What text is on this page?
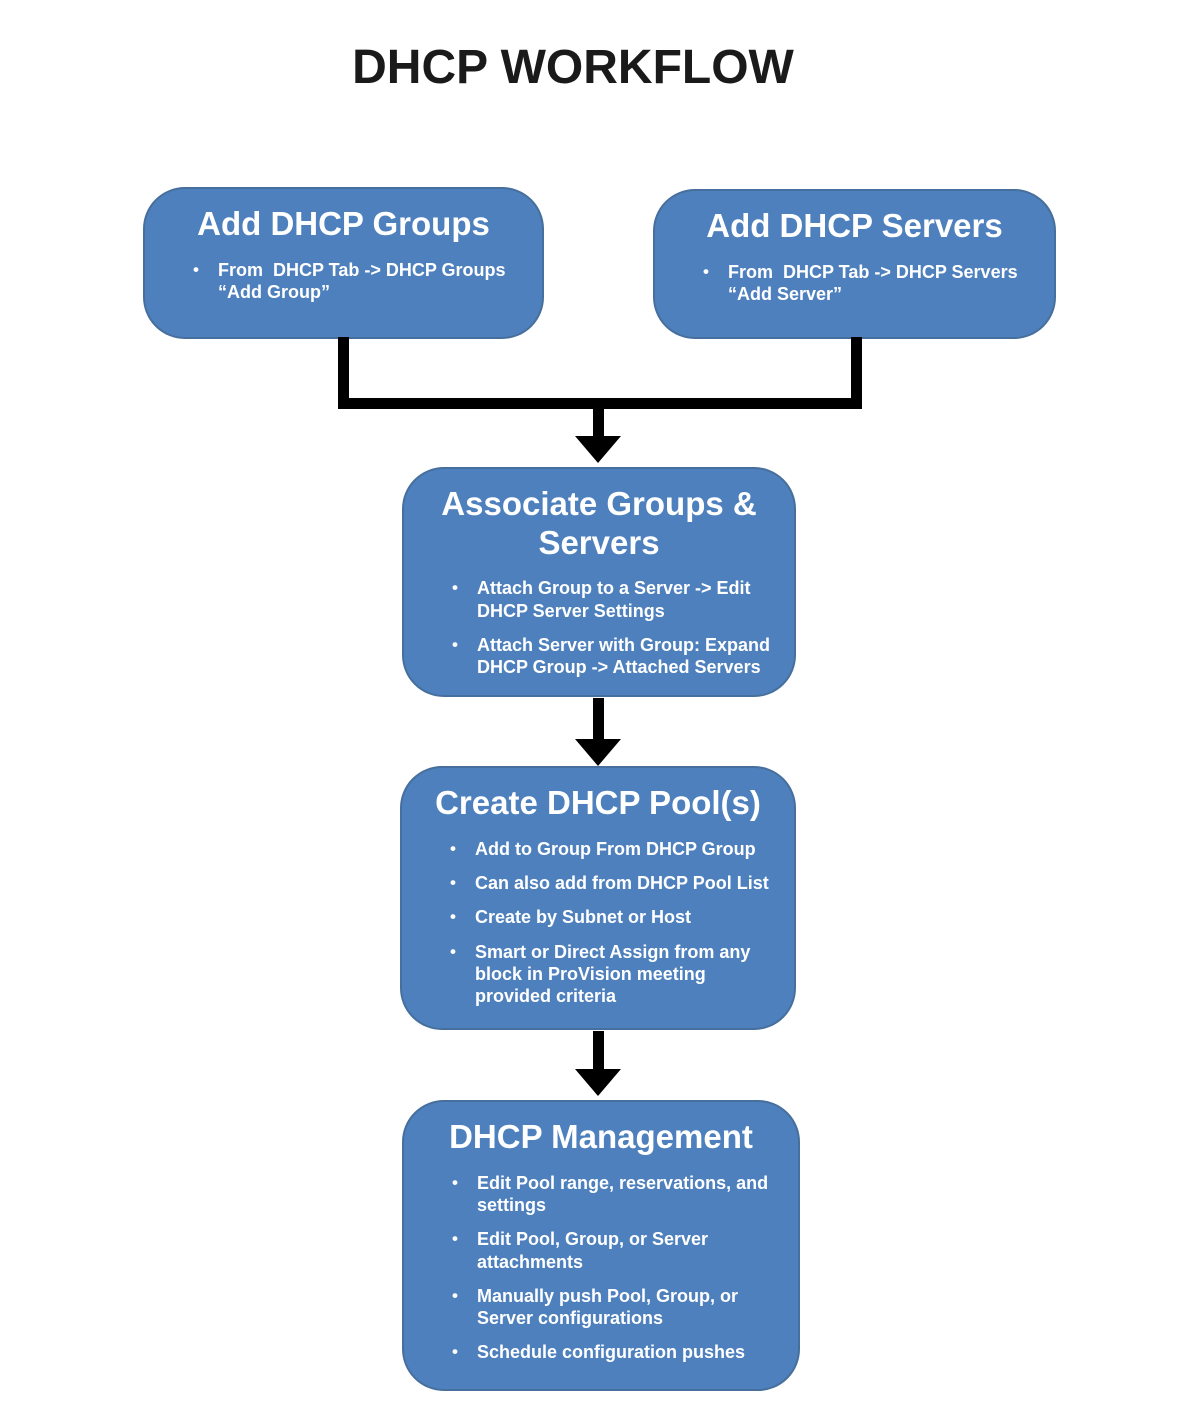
DHCP WORKFLOW
Add DHCP Groups
• From  DHCP Tab -> DHCP Groups “Add Group”
Add DHCP Servers
• From  DHCP Tab -> DHCP Servers “Add Server”
Associate Groups & Servers
• Attach Group to a Server -> Edit DHCP Server Settings
• Attach Server with Group: Expand DHCP Group -> Attached Servers
Create DHCP Pool(s)
• Add to Group From DHCP Group
• Can also add from DHCP Pool List
• Create by Subnet or Host
• Smart or Direct Assign from any block in ProVision meeting provided criteria
DHCP Management
• Edit Pool range, reservations, and settings
• Edit Pool, Group, or Server attachments
• Manually push Pool, Group, or Server configurations
• Schedule configuration pushes
